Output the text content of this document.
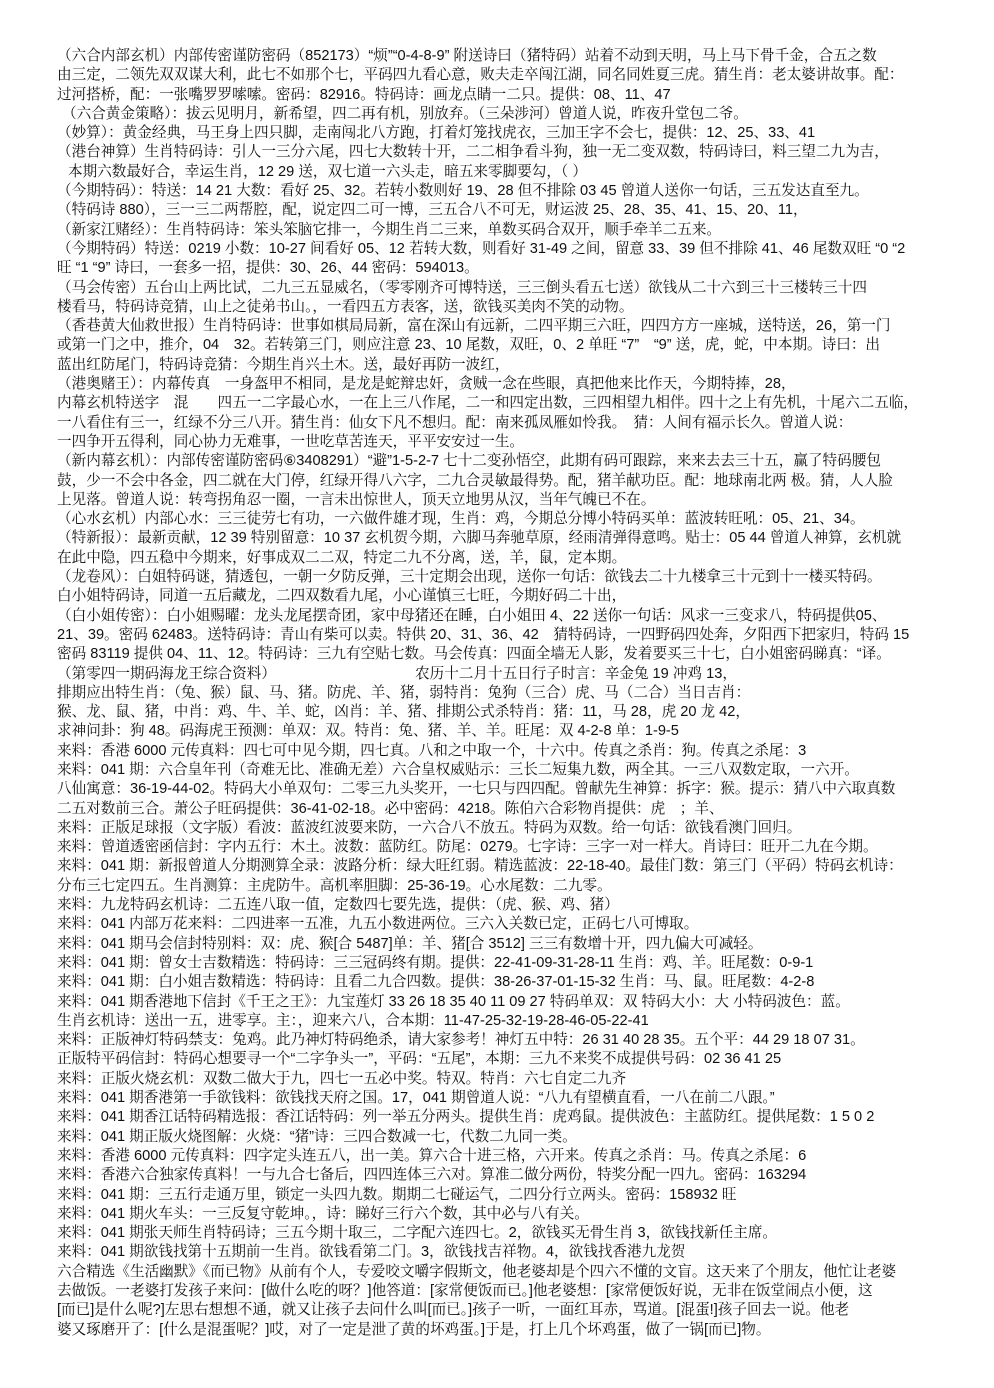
（六合内部玄机）内部传密谨防密码（852173）“烦”“0-4-8-9” 附送诗曰（猪特码）站着不动到天明，马上马下骨千金，合五之数
由三定，二领先双双谋大利，此七不如那个七，平码四九看心意，败夫走卒闯江湖，同名同姓夏三虎。猜生肖：老太婆讲故事。配：
过河搭桥，配：一张嘴罗罗嗦嗦。密码：82916。特码诗：画龙点睛一二只。提供：08、11、47
（六合黄金策略）：拔云见明月，新希望，四二再有机，别放弃。（三朵涉河）曾道人说，昨夜升堂包二爷。
（妙算）：黄金经典，马王身上四只脚，走南闯北八方跑，打着灯笼找虎衣，三加王字不会七，提供：12、25、33、41
（港台神算）生肖特码诗：引人一三分六尾，四七大数转十开，二二相争看斗狗，独一无二变双数，特码诗曰，料三望二九为吉，
本期六数最好合，幸运生肖，12 29 送，双七道一六头走，暗五来零脚要勾，（ ）
（今期特码）：特送：14 21 大数：看好 25、32。若转小数则好 19、28 但不排除 03 45 曾道人送你一句话，三五发达直至九。
（特码诗 880），三一三二两帮腔，配，说定四二可一博，三五合八不可无，财运波 25、28、35、41、15、20、11，
（新家江赌经）：生肖特码诗：笨头笨脑它排一，今期生肖二三来，单数买码合双开，顺手牵羊二五来。
（今期特码）特送：0219 小数：10-27 间看好 05、12 若转大数，则看好 31-49 之间，留意 33、39 但不排除 41、46 尾数双旺 “0 “2
旺 “1 “9” 诗曰，一套多一招，提供：30、26、44 密码：594013。
（马会传密）五台山上两比试，二九三五显威名，（零零刚齐可博特送，三三倒头看五七送）欲钱从二十六到三十三楼转三十四
楼看马，特码诗竞猜，山上之徒弟书山。，一看四五方表客，送，欲钱买美肉不笑的动物。
（香巷黄大仙救世报）生肖特码诗：世事如棋局局新，富在深山有远新，二四平期三六旺，四四方方一座城，送特送，26，第一门
或第一门之中，推介，04　32。若转第三门，则应注意 23、10 尾数，双旺，0、2 单旺 “7”　“9” 送，虎，蛇，中本期。诗曰：出
蓝出红防尾门，特码诗竞猜：今期生肖兴土木。送，最好再防一波红，
（港奥赌王）：内幕传真　一身盔甲不相同，是龙是蛇辩忠奸，贪贼一念在些眼，真把他来比作天，今期特捧，28，
内幕玄机特送字　混　　四五一二字最心水，一在上三八作尾，二一和四定出数，三四相望九相伴。四十之上有先机，十尾六二五临，
一八看住有三一，红绿不分三八开。猜生肖：仙女下凡不想归。配：南来孤凤雁如怜我。　猜：人间有福示长久。曾道人说：
一四争开五得利，同心协力无难事，一世吃草苦连天，平平安安过一生。
（新内幕玄机）：内部传密谨防密码⑥3408291）“避”1-5-2-7 七十二变孙悟空，此期有码可跟踪，来来去去三十五，赢了特码腰包
鼓，少一不会中各金，四二就在大门停，红绿开得八六字，二九合灵敏最得势。配，猪羊献功臣。配：地球南北两 极。猜，人人脸
上见落。曾道人说：转弯拐角忍一圈，一言未出惊世人，顶天立地男从汉，当年气魄已不在。
（心水玄机）内部心水：三三徒劳七有功，一六做件雄才现，生肖：鸡，今期总分博小特码买单：蓝波转旺吼：05、21、34。
（特新报）：最新贡献，12 39 特别留意：10 37 玄机贺今期，六脚马奔驰草原，经雨清弹得意鸣。贴士：05 44 曾道人神算，玄机就
在此中隐，四五稳中今期来，好事成双二二双，特定二九不分离，送，羊，鼠，定本期。
（龙卷风）：白姐特码谜，猜透包，一朝一夕防反弹，三十定期会出现，送你一句话：欲钱去二十九楼拿三十元到十一楼买特码。
白小姐特码诗，同道一五后藏龙，二四双数看九尾，小心谨慎三七旺，今期好码二十出，
（白小姐传密）：白小姐赐曜：龙头龙尾摆奇团，家中母猪还在睡，白小姐田 4、22 送你一句话：风求一三变求八，特码提供05、
21、39。密码 62483。送特码诗：青山有柴可以卖。特供 20、31、36、42　猜特码诗，一四野码四处奔，夕阳西下把家归，特码 15
密码 83119 提供 04、11、12。特码诗：三九有空贴七数。马会传真：四面全墙无人影，发着要买三十七，白小姐密码睇真：“译。
（第零四一期码海龙王综合资料）	农历十二月十五日行子时言：辛金兔 19 冲鸡 13，
排期应出特生肖：（兔、猴）鼠、马、猪。防虎、羊、猪，弱特肖：兔狗（三合）虎、马（二合）当日吉肖：
猴、龙、鼠、猪，中肖：鸡、牛、羊、蛇，凶肖：羊、猪、排期公式杀特肖：猪：11，马 28，虎 20 龙 42，
求神问卦：狗 48。码海虎王预测：单双：双。特肖：兔、猪、羊、羊。旺尾：双 4-2-8 单：1-9-5
来料：香港 6000 元传真料：四七可中见今期，四七真。八和之中取一个，十六中。传真之杀肖：狗。传真之杀尾：3
来料：041 期：六合皇年刊（奇难无比、准确无差）六合皇权威贴示：三长二短集九数，两全其。一三八双数定取，一六开。
八仙寓意：36-19-44-02。特码大小单双句：二零三九头奖开，一七只与四四配。曾献先生神算：拆字：猴。提示：猜八中六取真数
二五对数前三合。萧公子旺码提供：36-41-02-18。必中密码：4218。陈伯六合彩物肖提供：虎　；羊、
来料：正版足球报（文字版）看波：蓝波红波要来防，一六合八不放五。特码为双数。给一句话：欲钱看澳门回归。
来料：曾道透密函信封：字内五行：木土。波数：蓝防红。防尾：0279。七字诗：三字一对一样大。肖诗曰：旺开二九在今期。
来料：041 期：新报曾道人分期测算全录：波路分析：绿大旺红弱。精选蓝波：22-18-40。最佳门数：第三门（平码）特码玄机诗：
分布三七定四五。生肖测算：主虎防牛。高机率胆脚：25-36-19。心水尾数：二九零。
来料：九龙特码玄机诗：二五连八取一值，定数四七要先选，提供：（虎、猴、鸡、猪）
来料：041 内部万花来料：二四进率一五准，九五小数进两位。三六入关数已定，正码七八可博取。
来料：041 期马会信封特别料：双：虎、猴[合 5487]单：羊、猪[合 3512] 三三有数增十开，四九偏大可减轻。
来料：041 期：曾女士吉数精选：特码诗：三三冠码终有期。提供：22-41-09-31-28-11 生肖：鸡、羊。旺尾数：0-9-1
来料：041 期：白小姐吉数精选：特码诗：且看二九合四数。提供：38-26-37-01-15-32 生肖：马、鼠。旺尾数：4-2-8
来料：041 期香港地下信封《千王之王》：九宝莲灯 33 26 18 35 40 11 09 27 特码单双：双 特码大小：大 小特码波色：蓝。
生肖玄机诗：送出一五，进零享。主：，迎来六八，合本期：11-47-25-32-19-28-46-05-22-41
来料：正版神灯特码禁支：兔鸡。此乃神灯特码绝杀，请大家参考！神灯五中特：26 31 40 28 35。五个平：44 29 18 07 31。
正版特平码信封：特码心想要寻一个“二字争头一”，平码：“五尾”，本期：三九不来奖不成提供号码：02 36 41 25
来料：正版火烧玄机：双数二做大于九，四七一五必中奖。特双。特肖：六七自定二九齐
来料：041 期香港第一手欲钱料：欲钱找天府之国。17，041 期曾道人说：“八九有望横直看，一八在前二八跟。”
来料：041 期香江话特码精选报：香江话特码：列一举五分两头。提供生肖：虎鸡鼠。提供波色：主蓝防红。提供尾数：1 5 0 2
来料：041 期正版火烧图解：火烧：“猪”诗：三四合数减一七，代数二九同一类。
来料：香港 6000 元传真料：四字定头连五八，出一美。算六合十进三格，六开来。传真之杀肖：马。传真之杀尾：6
来料：香港六合独家传真料！一与九合七备后，四四连体三六对。算准二做分两份，特奖分配一四九。密码：163294
来料：041 期：三五行走通万里，锁定一头四九数。期期二七碰运气，二四分行立两头。密码：158932 旺
来料：041 期火车头：一三反复守乾坤。，诗：睇好三行六个数，其中必与八有关。
来料：041 期张天师生肖特码诗；三五今期十取三，二字配六连四七。2，欲钱买无骨生肖 3，欲钱找新任主席。
来料：041 期欲钱找第十五期前一生肖。欲钱看第二门。3，欲钱找吉祥物。4，欲钱找香港九龙贺
六合精选《生活幽默》《而已物》从前有个人，专爱咬文嚼字假斯文，他老婆却是个四六不懂的文盲。这天来了个朋友，他忙让老婆
去做饭。一老婆打发孩子来问：[做什么吃的呀？]他答道：[家常便饭而已。]他老婆想：[家常便饭好说，无非在饭堂闹点小便，这
[而已]是什么呢?]左思右想想不通，就又让孩子去问什么叫[而已。]孩子一听，一面红耳赤，骂道。[混蛋!]孩子回去一说。他老
婆又琢磨开了：[什么是混蛋呢？]哎，对了一定是泄了黄的坏鸡蛋。]于是，打上几个坏鸡蛋，做了一锅[而已]物。
